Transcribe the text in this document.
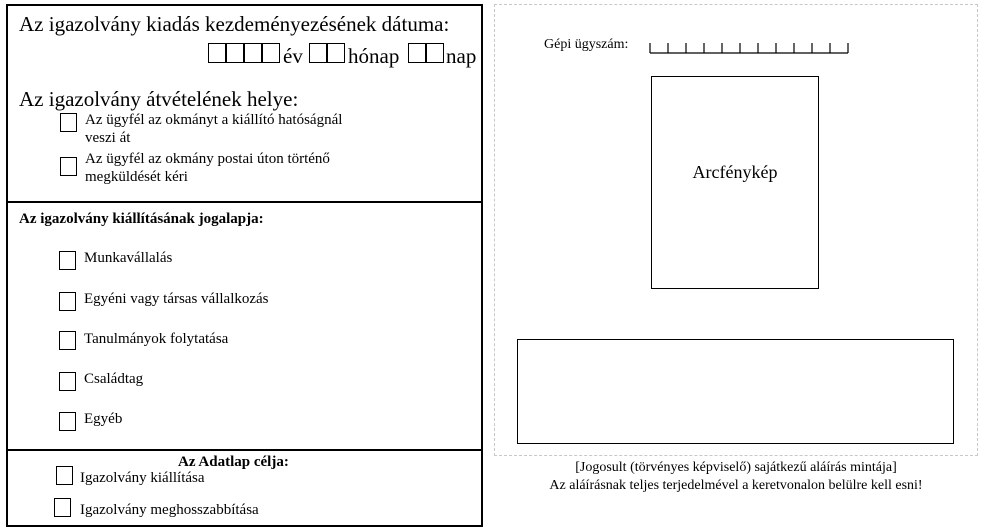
Az igazolvány kiadás kezdeményezésének dátuma:
év hónap nap
Az igazolvány átvételének helye:
Az ügyfél az okmányt a kiállító hatóságnál
veszi át
Az ügyfél az okmány postai úton történő
megküldését kéri
Az igazolvány kiállításának jogalapja:
Munkavállalás
Egyéni vagy társas vállalkozás
Tanulmányok folytatása
Családtag
Egyéb
Az Adatlap célja:
Igazolvány kiállítása
Igazolvány meghosszabbítása
Gépi ügyszám:
Arcfénykép
[Jogosult (törvényes képviselő) sajátkezű aláírás mintája]
Az aláírásnak teljes terjedelmével a keretvonalon belülre kell esni!
